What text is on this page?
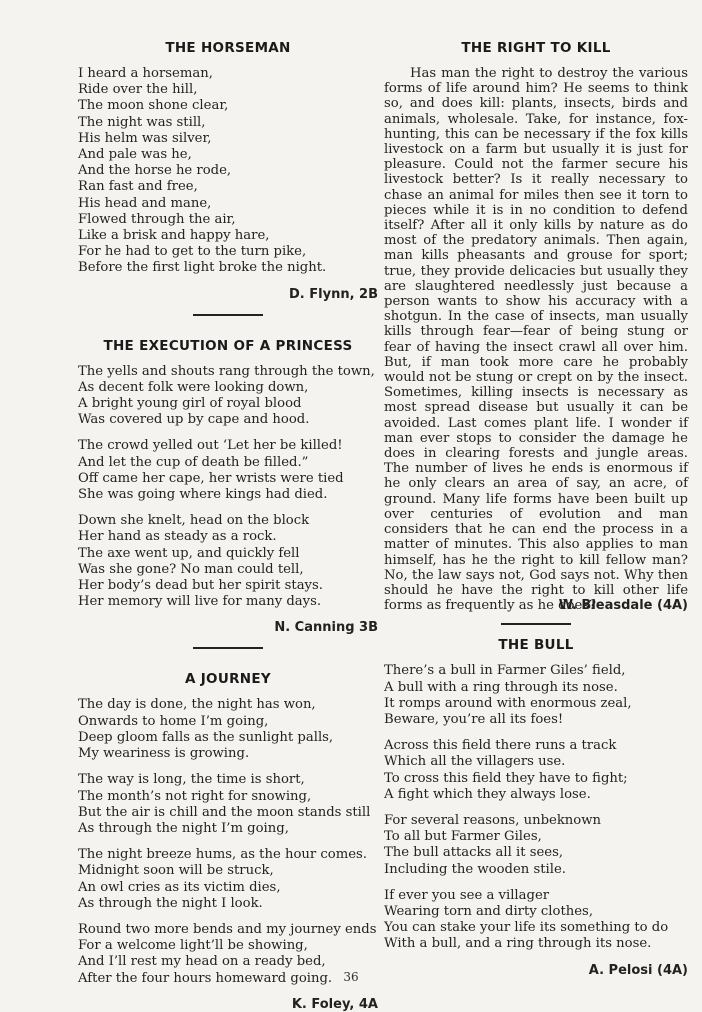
THE HORSEMAN
I heard a horseman,
Ride over the hill,
The moon shone clear,
The night was still,
His helm was silver,
And pale was he,
And the horse he rode,
Ran fast and free,
His head and mane,
Flowed through the air,
Like a brisk and happy hare,
For he had to get to the turn pike,
Before the first light broke the night.
D. Flynn, 2B
THE EXECUTION OF A PRINCESS
The yells and shouts rang through the town,
As decent folk were looking down,
A bright young girl of royal blood
Was covered up by cape and hood.
The crowd yelled out ‘Let her be killed!
And let the cup of death be filled.”
Off came her cape, her wrists were tied
She was going where kings had died.
Down she knelt, head on the block
Her hand as steady as a rock.
The axe went up, and quickly fell
Was she gone? No man could tell,
Her body’s dead but her spirit stays.
Her memory will live for many days.
N. Canning 3B
A JOURNEY
The day is done, the night has won,
Onwards to home I’m going,
Deep gloom falls as the sunlight palls,
My weariness is growing.
The way is long, the time is short,
The month’s not right for snowing,
But the air is chill and the moon stands still
As through the night I’m going,
The night breeze hums, as the hour comes.
Midnight soon will be struck,
An owl cries as its victim dies,
As through the night I look.
Round two more bends and my journey ends
For a welcome light’ll be showing,
And I’ll rest my head on a ready bed,
After the four hours homeward going.
K. Foley, 4A
THE RIGHT TO KILL

Has man the right to destroy the various forms of life around him? He seems to think so, and does kill: plants, insects, birds and animals, wholesale. Take, for instance, fox-hunting, this can be necessary if the fox kills livestock on a farm but usually it is just for pleasure. Could not the farmer secure his livestock better? Is it really necessary to chase an animal for miles then see it torn to pieces while it is in no condition to defend itself? After all it only kills by nature as do most of the predatory animals. Then again, man kills pheasants and grouse for sport; true, they provide delicacies but usually they are slaughtered needlessly just because a person wants to show his accuracy with a shotgun. In the case of insects, man usually kills through fear—fear of being stung or fear of having the insect crawl all over him. But, if man took more care he probably would not be stung or crept on by the insect. Sometimes, killing insects is necessary as most spread disease but usually it can be avoided. Last comes plant life. I wonder if man ever stops to consider the damage he does in clearing forests and jungle areas. The number of lives he ends is enormous if he only clears an area of say, an acre, of ground. Many life forms have been built up over centuries of evolution and man considers that he can end the process in a matter of minutes. This also applies to man himself, has he the right to kill fellow man? No, the law says not, God says not. Why then should he have the right to kill other life forms as frequently as he does?

W. Bleasdale (4A)
THE BULL
There’s a bull in Farmer Giles’ field,
A bull with a ring through its nose.
It romps around with enormous zeal,
Beware, you’re all its foes!
Across this field there runs a track
Which all the villagers use.
To cross this field they have to fight;
A fight which they always lose.
For several reasons, unbeknown
To all but Farmer Giles,
The bull attacks all it sees,
Including the wooden stile.
If ever you see a villager
Wearing torn and dirty clothes,
You can stake your life its something to do
With a bull, and a ring through its nose.
A. Pelosi (4A)
36
